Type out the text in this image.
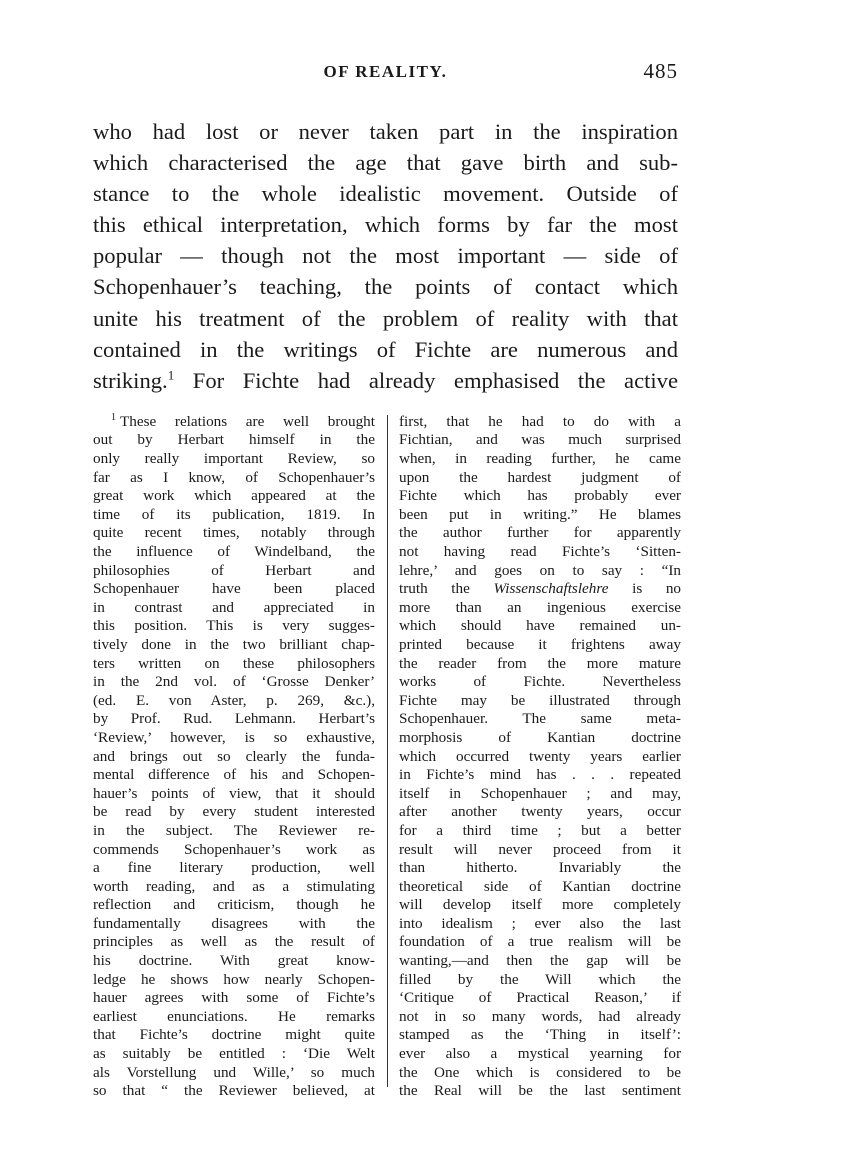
OF REALITY.	485
who had lost or never taken part in the inspiration
which characterised the age that gave birth and sub-
stance to the whole idealistic movement. Outside of
this ethical interpretation, which forms by far the most
popular — though not the most important — side of
Schopenhauer’s teaching, the points of contact which
unite his treatment of the problem of reality with that
contained in the writings of Fichte are numerous and
striking.$^1$ For Fichte had already emphasised the active
$^1$ These relations are well brought
out by Herbart himself in the
only really important Review, so
far as I know, of Schopenhauer’s
great work which appeared at the
time of its publication, 1819. In
quite recent times, notably through
the influence of Windelband, the
philosophies of Herbart and
Schopenhauer have been placed
in contrast and appreciated in
this position. This is very sugges-
tively done in the two brilliant chap-
ters written on these philosophers
in the 2nd vol. of ‘Grosse Denker’
(ed. E. von Aster, p. 269, &c.),
by Prof. Rud. Lehmann. Herbart’s
‘Review,’ however, is so exhaustive,
and brings out so clearly the funda-
mental difference of his and Schopen-
hauer’s points of view, that it should
be read by every student interested
in the subject. The Reviewer re-
commends Schopenhauer’s work as
a fine literary production, well
worth reading, and as a stimulating
reflection and criticism, though he
fundamentally disagrees with the
principles as well as the result of
his doctrine. With great know-
ledge he shows how nearly Schopen-
hauer agrees with some of Fichte’s
earliest enunciations. He remarks
that Fichte’s doctrine might quite
as suitably be entitled : ‘Die Welt
als Vorstellung und Wille,’ so much
so that “ the Reviewer believed, at
first, that he had to do with a
Fichtian, and was much surprised
when, in reading further, he came
upon the hardest judgment of
Fichte which has probably ever
been put in writing.” He blames
the author further for apparently
not having read Fichte’s ‘Sitten-
lehre,’ and goes on to say : “In
truth the Wissenschaftslehre is no
more than an ingenious exercise
which should have remained un-
printed because it frightens away
the reader from the more mature
works of Fichte. Nevertheless
Fichte may be illustrated through
Schopenhauer. The same meta-
morphosis of Kantian doctrine
which occurred twenty years earlier
in Fichte’s mind has . . . repeated
itself in Schopenhauer ; and may,
after another twenty years, occur
for a third time ; but a better
result will never proceed from it
than hitherto. Invariably the
theoretical side of Kantian doctrine
will develop itself more completely
into idealism ; ever also the last
foundation of a true realism will be
wanting,—and then the gap will be
filled by the Will which the
‘Critique of Practical Reason,’ if
not in so many words, had already
stamped as the ‘Thing in itself’:
ever also a mystical yearning for
the One which is considered to be
the Real will be the last sentiment
